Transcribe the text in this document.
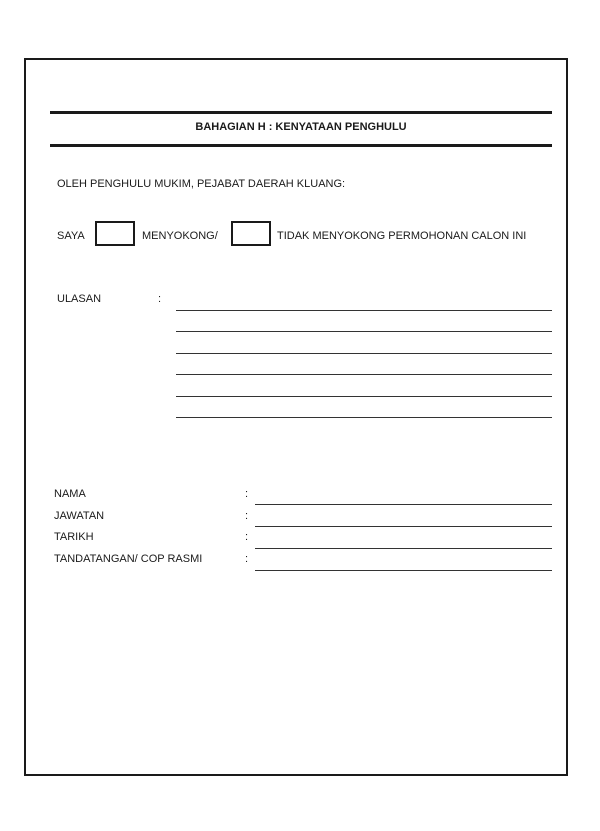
BAHAGIAN H : KENYATAAN PENGHULU
OLEH PENGHULU MUKIM, PEJABAT DAERAH KLUANG:
SAYA	MENYOKONG/	TIDAK MENYOKONG PERMOHONAN CALON INI
ULASAN	:
NAMA	:
JAWATAN	:
TARIKH	:
TANDATANGAN/ COP RASMI	:
